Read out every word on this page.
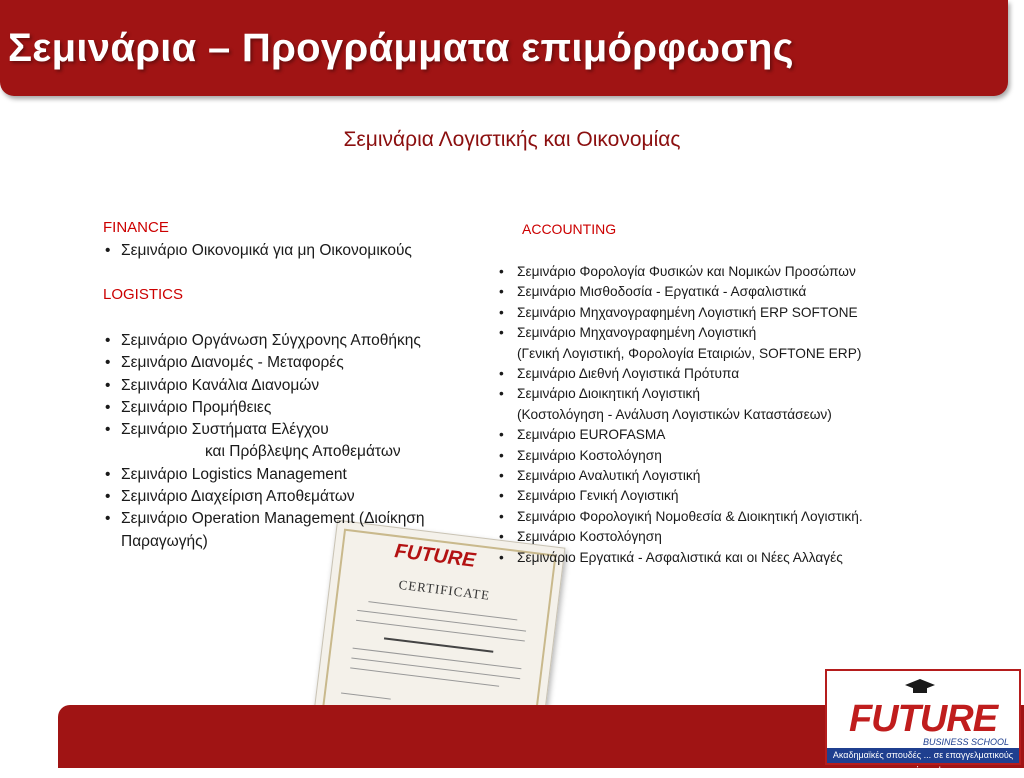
Σεμινάρια – Προγράμματα επιμόρφωσης
Σεμινάρια Λογιστικής και Οικονομίας
FUTURE
CERTIFICATE
FINANCE
• Σεμινάριο Οικονομικά για μη Οικονομικούς
LOGISTICS
• Σεμινάριο Οργάνωση Σύγχρονης Αποθήκης
• Σεμινάριο Διανομές - Μεταφορές
• Σεμινάριο Κανάλια Διανομών
• Σεμινάριο Προμήθειες
• Σεμινάριο Συστήματα Ελέγχου
και Πρόβλεψης Αποθεμάτων
• Σεμινάριο Logistics Management
• Σεμινάριο Διαχείριση Αποθεμάτων
• Σεμινάριο Operation Management (Διοίκηση
Παραγωγής)
ACCOUNTING
• Σεμινάριο Φορολογία Φυσικών και Νομικών Προσώπων
• Σεμινάριο Μισθοδοσία - Εργατικά - Ασφαλιστικά
• Σεμινάριο Μηχανογραφημένη Λογιστική ERP SOFTONE
• Σεμινάριο Μηχανογραφημένη Λογιστική
(Γενική Λογιστική, Φορολογία Εταιριών, SOFTONE ERP)
• Σεμινάριο Διεθνή Λογιστικά Πρότυπα
• Σεμινάριο Διοικητική Λογιστική
(Κοστολόγηση - Ανάλυση Λογιστικών Καταστάσεων)
• Σεμινάριο EUROFASMA
• Σεμινάριο Κοστολόγηση
• Σεμινάριο Αναλυτική Λογιστική
• Σεμινάριο Γενική Λογιστική
• Σεμινάριο Φορολογική Νομοθεσία & Διοικητική Λογιστική.
• Σεμινάριο Κοστολόγηση
• Σεμινάριο Εργατικά - Ασφαλιστικά και οι Νέες Αλλαγές
FUTURE
BUSINESS SCHOOL
Ακαδημαϊκές σπουδές ... σε επαγγελματικούς χρόνους!
